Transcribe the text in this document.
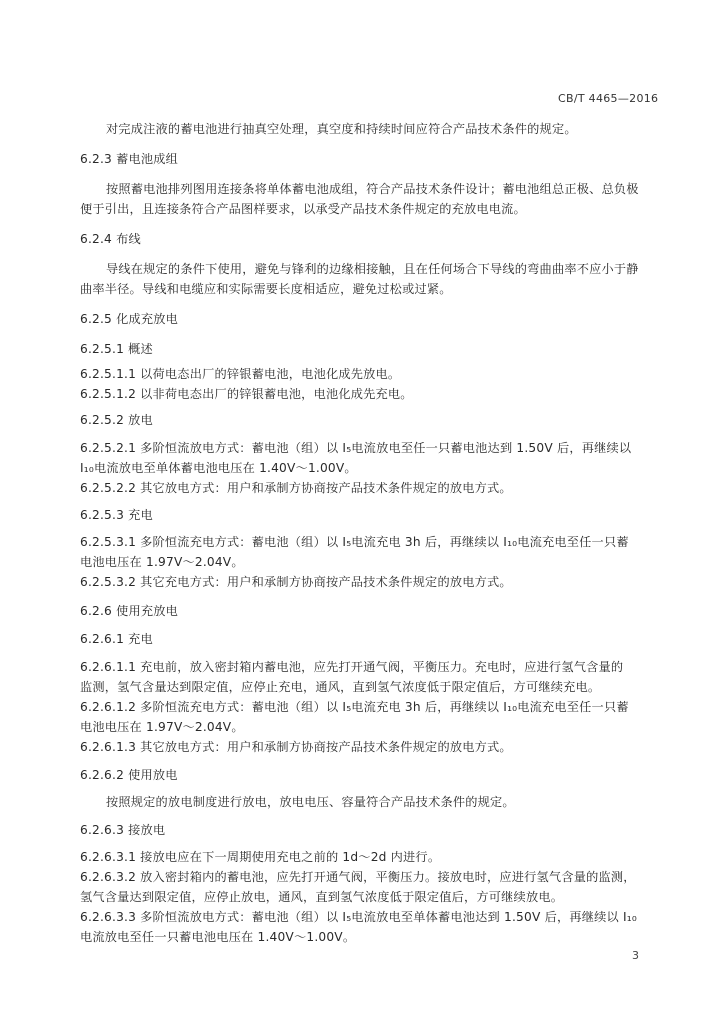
CB/T 4465—2016
对完成注液的蓄电池进行抽真空处理，真空度和持续时间应符合产品技术条件的规定。
6.2.3 蓄电池成组
按照蓄电池排列图用连接条将单体蓄电池成组，符合产品技术条件设计；蓄电池组总正极、总负极
便于引出，且连接条符合产品图样要求，以承受产品技术条件规定的充放电电流。
6.2.4 布线
导线在规定的条件下使用，避免与锋利的边缘相接触，且在任何场合下导线的弯曲曲率不应小于静
曲率半径。导线和电缆应和实际需要长度相适应，避免过松或过紧。
6.2.5 化成充放电
6.2.5.1 概述
6.2.5.1.1 以荷电态出厂的锌银蓄电池，电池化成先放电。
6.2.5.1.2 以非荷电态出厂的锌银蓄电池，电池化成先充电。
6.2.5.2 放电
6.2.5.2.1 多阶恒流放电方式：蓄电池（组）以 I₅电流放电至任一只蓄电池达到 1.50V 后，再继续以
I₁₀电流放电至单体蓄电池电压在 1.40V～1.00V。
6.2.5.2.2 其它放电方式：用户和承制方协商按产品技术条件规定的放电方式。
6.2.5.3 充电
6.2.5.3.1 多阶恒流充电方式：蓄电池（组）以 I₅电流充电 3h 后，再继续以 I₁₀电流充电至任一只蓄
电池电压在 1.97V～2.04V。
6.2.5.3.2 其它充电方式：用户和承制方协商按产品技术条件规定的放电方式。
6.2.6 使用充放电
6.2.6.1 充电
6.2.6.1.1 充电前，放入密封箱内蓄电池，应先打开通气阀，平衡压力。充电时，应进行氢气含量的
监测，氢气含量达到限定值，应停止充电，通风，直到氢气浓度低于限定值后，方可继续充电。
6.2.6.1.2 多阶恒流充电方式：蓄电池（组）以 I₅电流充电 3h 后，再继续以 I₁₀电流充电至任一只蓄
电池电压在 1.97V～2.04V。
6.2.6.1.3 其它放电方式：用户和承制方协商按产品技术条件规定的放电方式。
6.2.6.2 使用放电
按照规定的放电制度进行放电，放电电压、容量符合产品技术条件的规定。
6.2.6.3 接放电
6.2.6.3.1 接放电应在下一周期使用充电之前的 1d～2d 内进行。
6.2.6.3.2 放入密封箱内的蓄电池，应先打开通气阀，平衡压力。接放电时，应进行氢气含量的监测，
氢气含量达到限定值，应停止放电，通风，直到氢气浓度低于限定值后，方可继续放电。
6.2.6.3.3 多阶恒流放电方式：蓄电池（组）以 I₅电流放电至单体蓄电池达到 1.50V 后，再继续以 I₁₀
电流放电至任一只蓄电池电压在 1.40V～1.00V。
3
